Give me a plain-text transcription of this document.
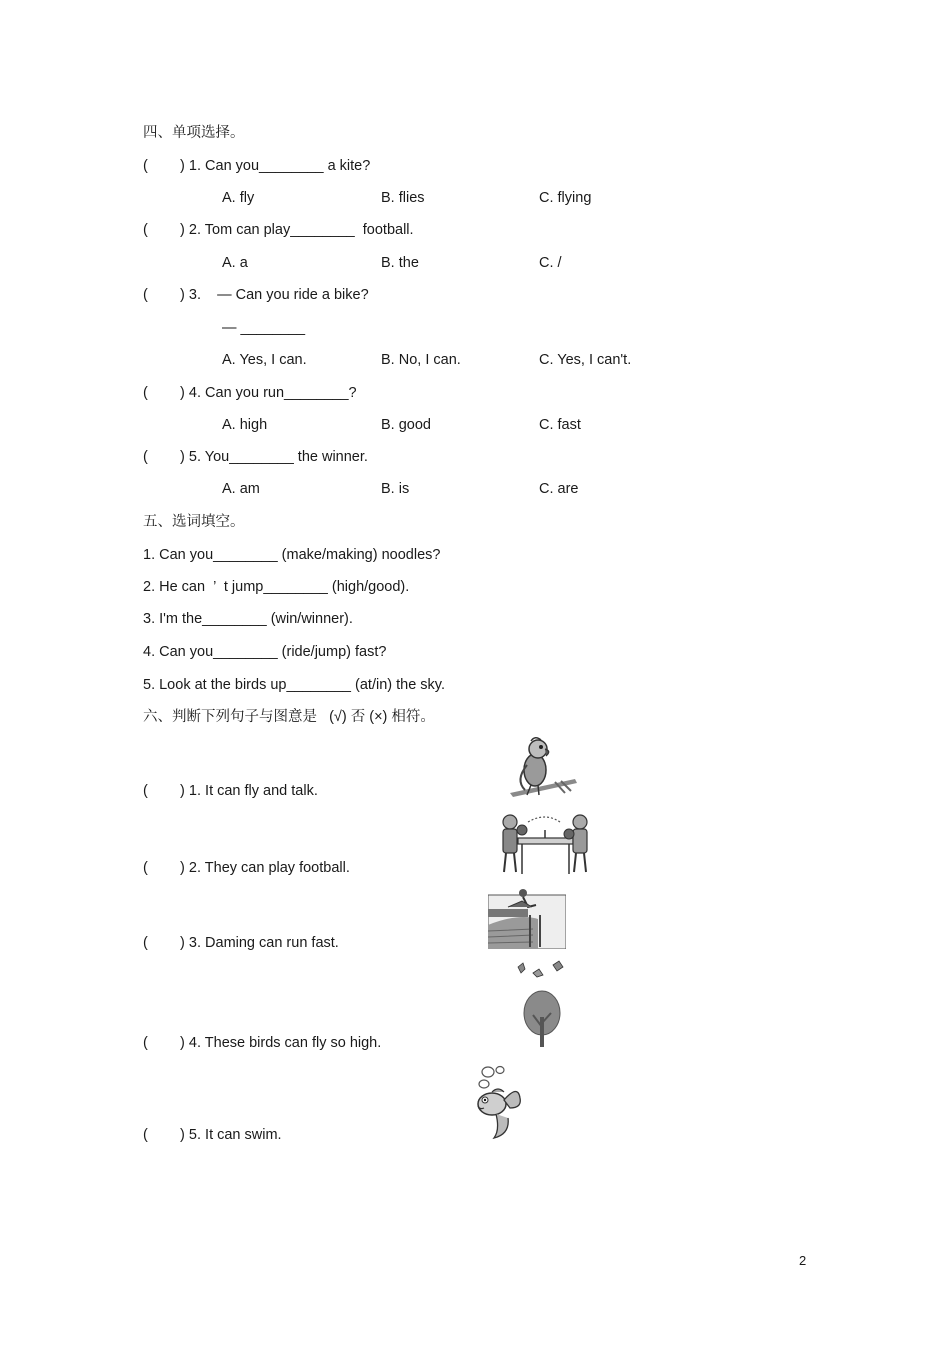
四、单项选择。
(        ) 1. Can you________ a kite?
A. fly	B. flies	C. flying
(        ) 2. Tom can play________  football.
A. a	B. the	C. /
(        ) 3.    — Can you ride a bike?
— ________
A. Yes, I can.	B. No, I can.	C. Yes, I can't.
(        ) 4. Can you run________?
A. high	B. good	C. fast
(        ) 5. You________ the winner.
A. am	B. is	C. are
五、选词填空。
1. Can you________ (make/making) noodles?
2. He can  ’  t jump________ (high/good).
3. I'm the________ (win/winner).
4. Can you________ (ride/jump) fast?
5. Look at the birds up________ (at/in) the sky.
六、判断下列句子与图意是   (√) 否 (×) 相符。
(        ) 1. It can fly and talk.
(        ) 2. They can play football.
(        ) 3. Daming can run fast.
(        ) 4. These birds can fly so high.
(        ) 5. It can swim.
2
